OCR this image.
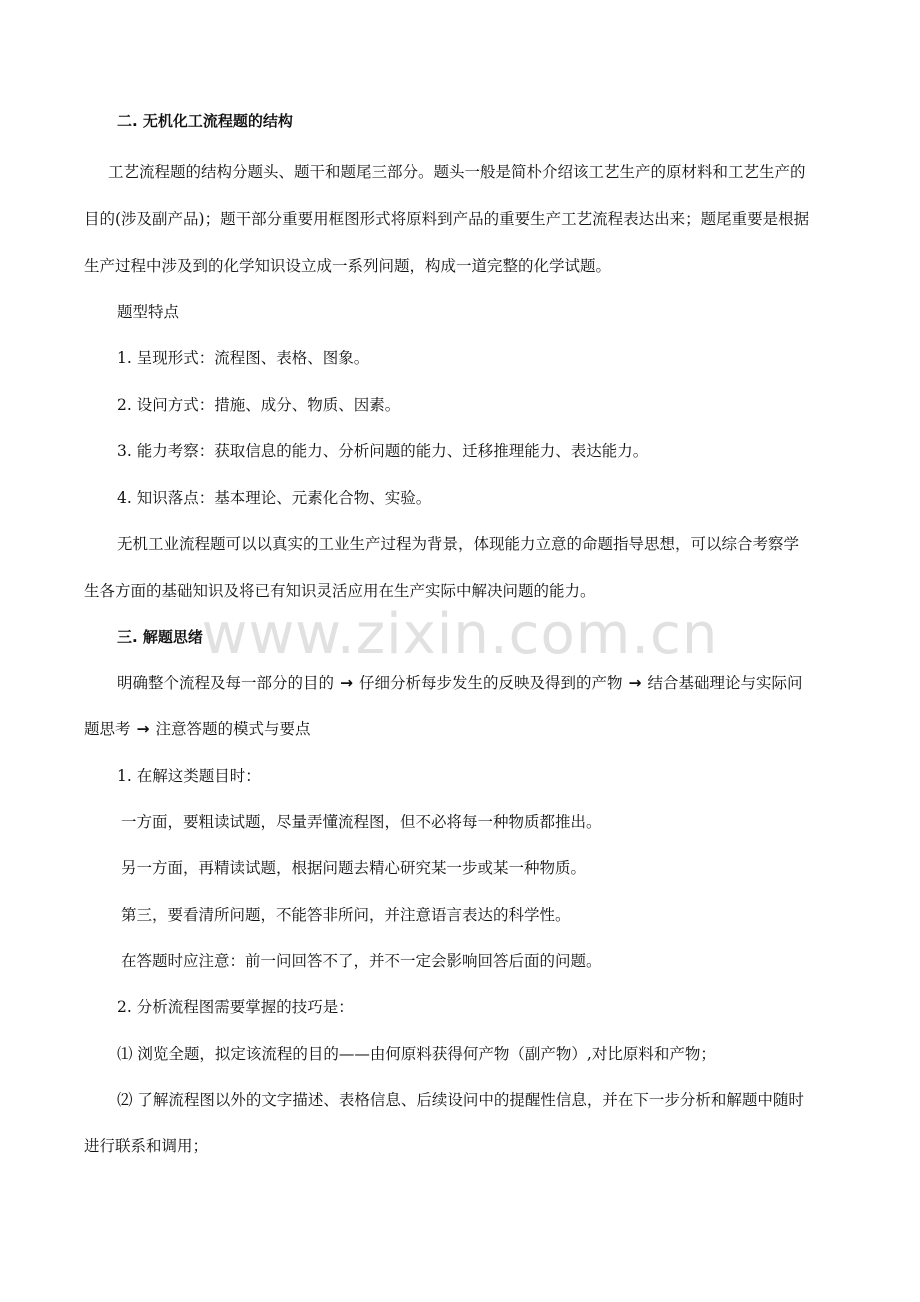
www.zixin.com.cn
二. 无机化工流程题的结构
工艺流程题的结构分题头、题干和题尾三部分。题头一般是简朴介绍该工艺生产的原材料和工艺生产的
目的(涉及副产品)；题干部分重要用框图形式将原料到产品的重要生产工艺流程表达出来；题尾重要是根据
生产过程中涉及到的化学知识设立成一系列问题，构成一道完整的化学试题。
题型特点
1. 呈现形式：流程图、表格、图象。
2. 设问方式：措施、成分、物质、因素。
3. 能力考察：获取信息的能力、分析问题的能力、迁移推理能力、表达能力。
4. 知识落点：基本理论、元素化合物、实验。
无机工业流程题可以以真实的工业生产过程为背景，体现能力立意的命题指导思想，可以综合考察学
生各方面的基础知识及将已有知识灵活应用在生产实际中解决问题的能力。
三. 解题思绪
明确整个流程及每一部分的目的 → 仔细分析每步发生的反映及得到的产物 → 结合基础理论与实际问
题思考 → 注意答题的模式与要点
1. 在解这类题目时：
一方面，要粗读试题，尽量弄懂流程图，但不必将每一种物质都推出。
另一方面，再精读试题，根据问题去精心研究某一步或某一种物质。
第三，要看清所问题，不能答非所问，并注意语言表达的科学性。
在答题时应注意：前一问回答不了，并不一定会影响回答后面的问题。
2. 分析流程图需要掌握的技巧是：
⑴ 浏览全题，拟定该流程的目的——由何原料获得何产物（副产物）,对比原料和产物；
⑵ 了解流程图以外的文字描述、表格信息、后续设问中的提醒性信息，并在下一步分析和解题中随时
进行联系和调用；
